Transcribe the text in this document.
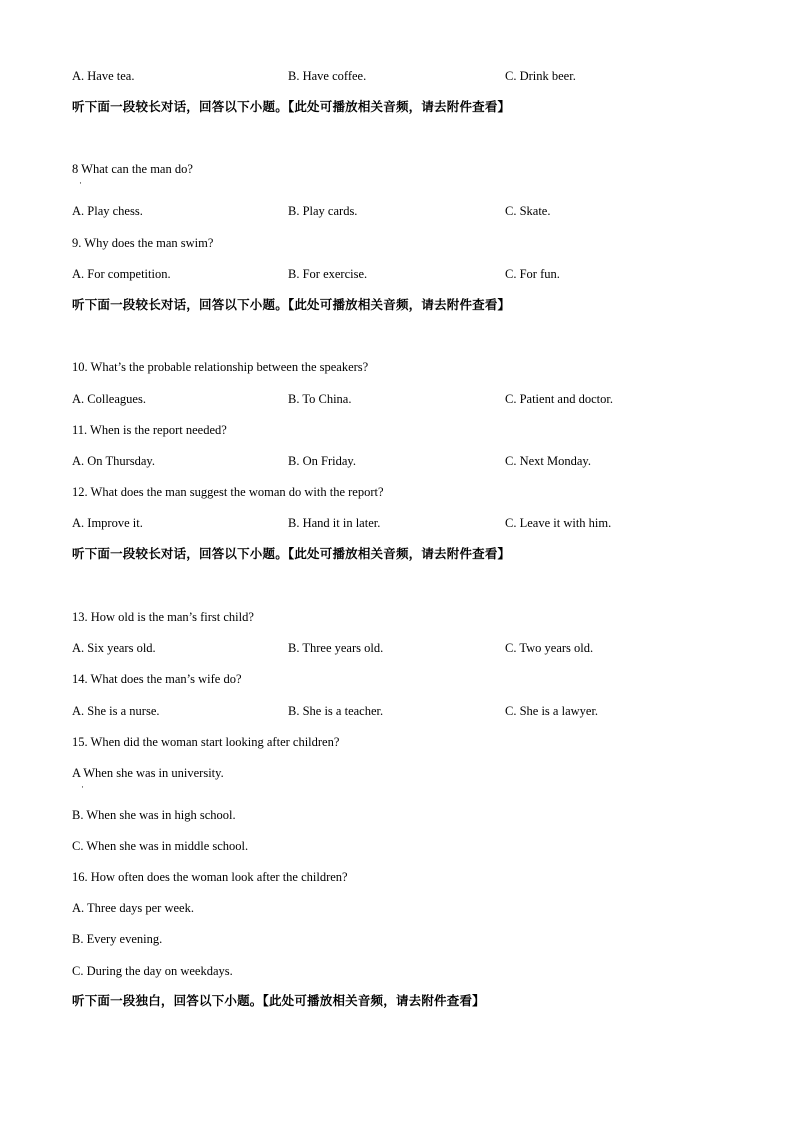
A. Have tea.	B. Have coffee.	C. Drink beer.
听下面一段较长对话，回答以下小题。【此处可播放相关音频，请去附件查看】
8 What can the man do?
·
A. Play chess.	B. Play cards.	C. Skate.
9. Why does the man swim?
A. For competition.	B. For exercise.	C. For fun.
听下面一段较长对话，回答以下小题。【此处可播放相关音频，请去附件查看】
10. What’s the probable relationship between the speakers?
A. Colleagues.	B. To China.	C. Patient and doctor.
11. When is the report needed?
A. On Thursday.	B. On Friday.	C. Next Monday.
12. What does the man suggest the woman do with the report?
A. Improve it.	B. Hand it in later.	C. Leave it with him.
听下面一段较长对话，回答以下小题。【此处可播放相关音频，请去附件查看】
13. How old is the man’s first child?
A. Six years old.	B. Three years old.	C. Two years old.
14. What does the man’s wife do?
A. She is a nurse.	B. She is a teacher.	C. She is a lawyer.
15. When did the woman start looking after children?
A When she was in university.
·
B. When she was in high school.
C. When she was in middle school.
16. How often does the woman look after the children?
A. Three days per week.
B. Every evening.
C. During the day on weekdays.
听下面一段独白，回答以下小题。【此处可播放相关音频，请去附件查看】
